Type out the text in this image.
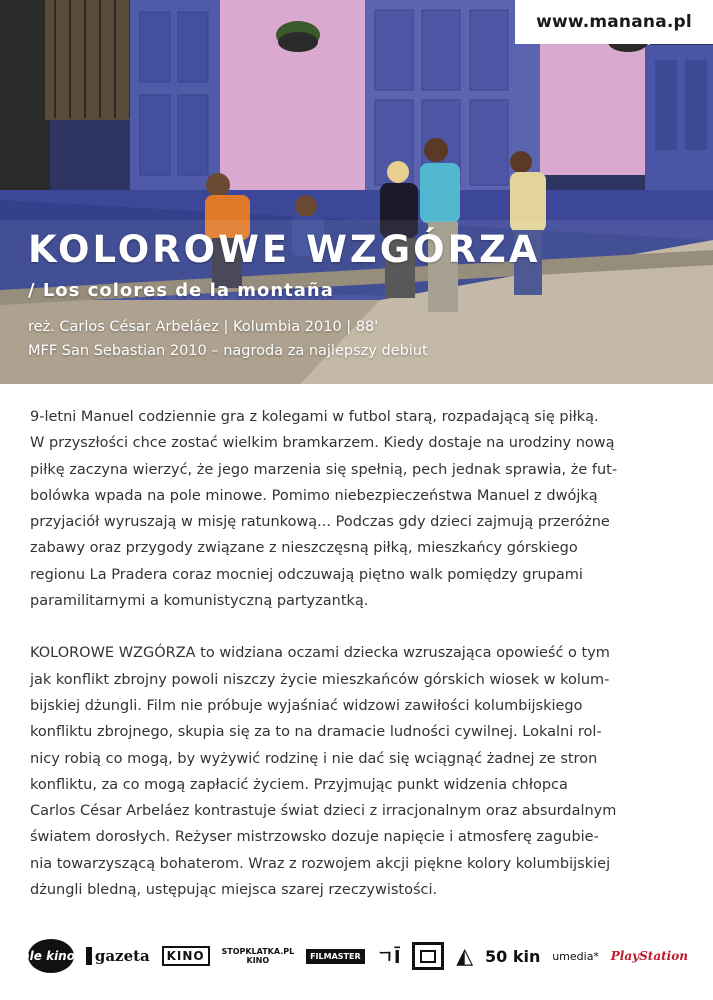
www.manana.pl
KOLOROWE WZGÓRZA
/ Los colores de la montaña
reż. Carlos César Arbeláez | Kolumbia 2010 | 88'
MFF San Sebastian 2010 – nagroda za najlepszy debiut

9-letni Manuel codziennie gra z kolegami w futbol starą, rozpadającą się piłką.

W przyszłości chce zostać wielkim bramkarzem. Kiedy dostaje na urodziny nową

piłkę zaczyna wierzyć, że jego marzenia się spełnią, pech jednak sprawia, że fut-

bolówka wpada na pole minowe. Pomimo niebezpieczeństwa Manuel z dwójką

przyjaciół wyruszają w misję ratunkową... Podczas gdy dzieci zajmują przeróżne

zabawy oraz przygody związane z nieszczęsną piłką, mieszkańcy górskiego

regionu La Pradera coraz mocniej odczuwają piętno walk pomiędzy grupami

paramilitarnymi a komunistyczną partyzantką.

KOLOROWE WZGÓRZA to widziana oczami dziecka wzruszająca opowieść o tym

jak konflikt zbrojny powoli niszczy życie mieszkańców górskich wiosek w kolum-

bijskiej dżungli. Film nie próbuje wyjaśniać widzowi zawiłości kolumbijskiego

konfliktu zbrojnego, skupia się za to na dramacie ludności cywilnej. Lokalni rol-

nicy robią co mogą, by wyżywić rodzinę i nie dać się wciągnąć żadnej ze stron

konfliktu, za co mogą zapłacić życiem. Przyjmując punkt widzenia chłopca

Carlos César Arbeláez kontrastuje świat dzieci z irracjonalnym oraz absurdalnym

światem dorosłych. Reżyser mistrzowsko dozuje napięcie i atmosferę zagubie-

nia towarzyszącą bohaterom. Wraz z rozwojem akcji piękne kolory kolumbijskiej

dżungli bledną, ustępując miejsca szarej rzeczywistości.

ale kino! gazeta	KINO	STOPKLATKA.PL
KINO	FILMASTER ㄱĪ	◭ 50 kin umedia* PlayStation
